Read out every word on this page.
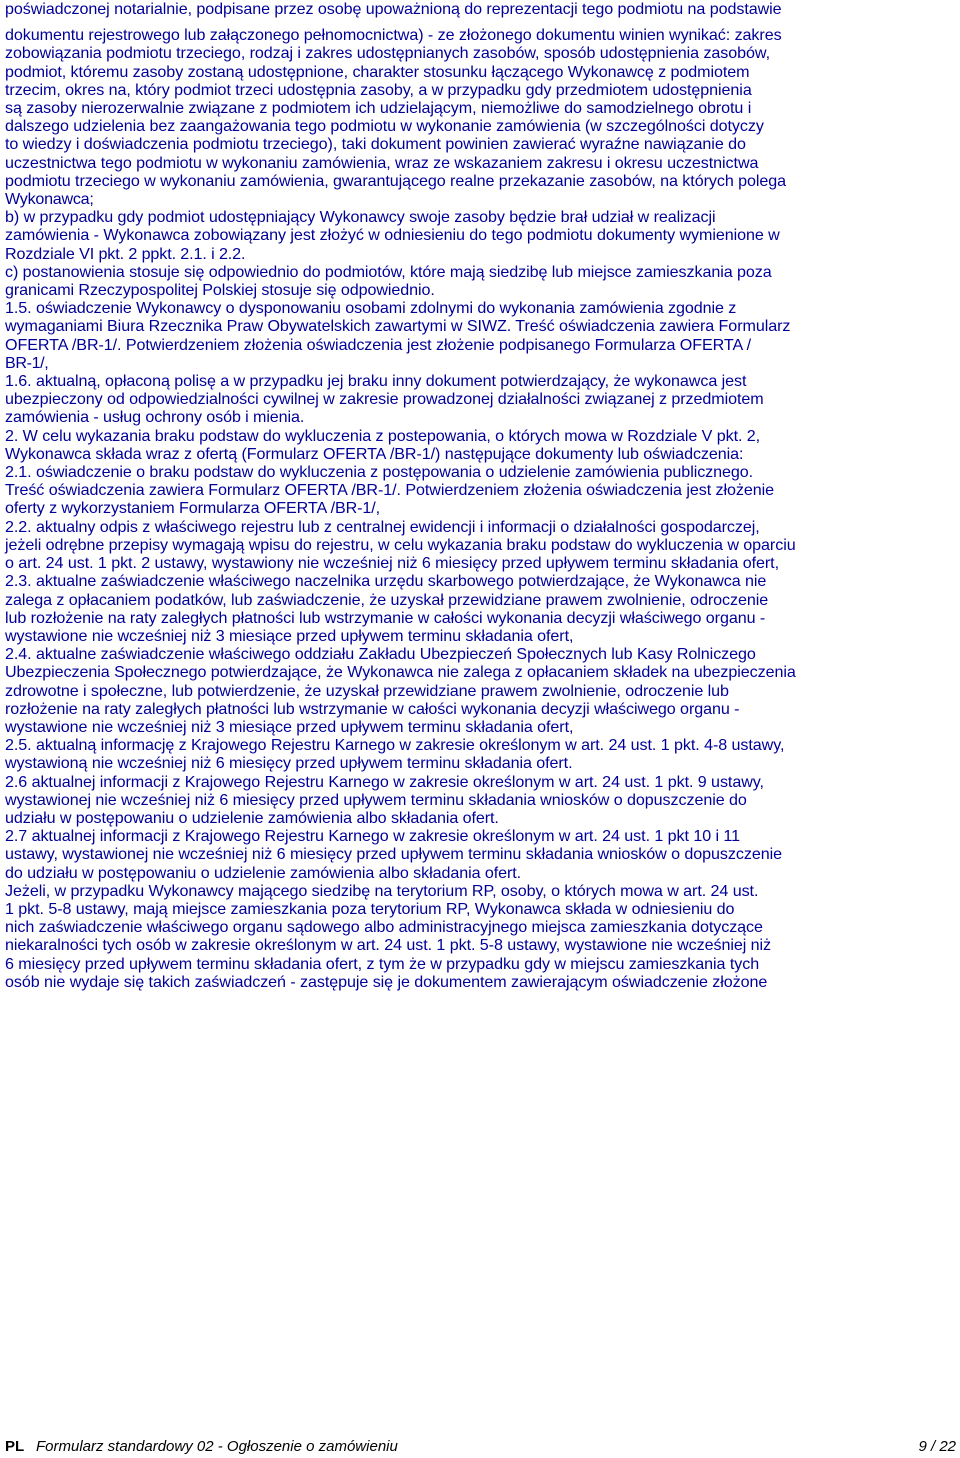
poświadczonej notarialnie, podpisane przez osobę upoważnioną do reprezentacji tego podmiotu na podstawie
dokumentu rejestrowego lub załączonego pełnomocnictwa) - ze złożonego dokumentu winien wynikać: zakres
zobowiązania podmiotu trzeciego, rodzaj i zakres udostępnianych zasobów, sposób udostępnienia zasobów,
podmiot, któremu zasoby zostaną udostępnione, charakter stosunku łączącego Wykonawcę z podmiotem
trzecim, okres na, który podmiot trzeci udostępnia zasoby, a w przypadku gdy przedmiotem udostępnienia
są zasoby nierozerwalnie związane z podmiotem ich udzielającym, niemożliwe do samodzielnego obrotu i
dalszego udzielenia bez zaangażowania tego podmiotu w wykonanie zamówienia (w szczególności dotyczy
to wiedzy i doświadczenia podmiotu trzeciego), taki dokument powinien zawierać wyraźne nawiązanie do
uczestnictwa tego podmiotu w wykonaniu zamówienia, wraz ze wskazaniem zakresu i okresu uczestnictwa
podmiotu trzeciego w wykonaniu zamówienia, gwarantującego realne przekazanie zasobów, na których polega
Wykonawca;
b) w przypadku gdy podmiot udostępniający Wykonawcy swoje zasoby będzie brał udział w realizacji
zamówienia - Wykonawca zobowiązany jest złożyć w odniesieniu do tego podmiotu dokumenty wymienione w
Rozdziale VI pkt. 2 ppkt. 2.1. i 2.2.
c) postanowienia stosuje się odpowiednio do podmiotów, które mają siedzibę lub miejsce zamieszkania poza
granicami Rzeczypospolitej Polskiej stosuje się odpowiednio.
1.5. oświadczenie Wykonawcy o dysponowaniu osobami zdolnymi do wykonania zamówienia zgodnie z
wymaganiami Biura Rzecznika Praw Obywatelskich zawartymi w SIWZ. Treść oświadczenia zawiera Formularz
OFERTA /BR-1/. Potwierdzeniem złożenia oświadczenia jest złożenie podpisanego Formularza OFERTA /
BR-1/,
1.6. aktualną, opłaconą polisę a w przypadku jej braku inny dokument potwierdzający, że wykonawca jest
ubezpieczony od odpowiedzialności cywilnej w zakresie prowadzonej działalności związanej z przedmiotem
zamówienia - usług ochrony osób i mienia.
2. W celu wykazania braku podstaw do wykluczenia z postepowania, o których mowa w Rozdziale V pkt. 2,
Wykonawca składa wraz z ofertą (Formularz OFERTA /BR-1/) następujące dokumenty lub oświadczenia:
2.1. oświadczenie o braku podstaw do wykluczenia z postępowania o udzielenie zamówienia publicznego.
Treść oświadczenia zawiera Formularz OFERTA /BR-1/. Potwierdzeniem złożenia oświadczenia jest złożenie
oferty z wykorzystaniem Formularza OFERTA /BR-1/,
2.2. aktualny odpis z właściwego rejestru lub z centralnej ewidencji i informacji o działalności gospodarczej,
jeżeli odrębne przepisy wymagają wpisu do rejestru, w celu wykazania braku podstaw do wykluczenia w oparciu
o art. 24 ust. 1 pkt. 2 ustawy, wystawiony nie wcześniej niż 6 miesięcy przed upływem terminu składania ofert,
2.3. aktualne zaświadczenie właściwego naczelnika urzędu skarbowego potwierdzające, że Wykonawca nie
zalega z opłacaniem podatków, lub zaświadczenie, że uzyskał przewidziane prawem zwolnienie, odroczenie
lub rozłożenie na raty zaległych płatności lub wstrzymanie w całości wykonania decyzji właściwego organu -
wystawione nie wcześniej niż 3 miesiące przed upływem terminu składania ofert,
2.4. aktualne zaświadczenie właściwego oddziału Zakładu Ubezpieczeń Społecznych lub Kasy Rolniczego
Ubezpieczenia Społecznego potwierdzające, że Wykonawca nie zalega z opłacaniem składek na ubezpieczenia
zdrowotne i społeczne, lub potwierdzenie, że uzyskał przewidziane prawem zwolnienie, odroczenie lub
rozłożenie na raty zaległych płatności lub wstrzymanie w całości wykonania decyzji właściwego organu -
wystawione nie wcześniej niż 3 miesiące przed upływem terminu składania ofert,
2.5. aktualną informację z Krajowego Rejestru Karnego w zakresie określonym w art. 24 ust. 1 pkt. 4-8 ustawy,
wystawioną nie wcześniej niż 6 miesięcy przed upływem terminu składania ofert.
2.6 aktualnej informacji z Krajowego Rejestru Karnego w zakresie określonym w art. 24 ust. 1 pkt. 9 ustawy,
wystawionej nie wcześniej niż 6 miesięcy przed upływem terminu składania wniosków o dopuszczenie do
udziału w postępowaniu o udzielenie zamówienia albo składania ofert.
2.7 aktualnej informacji z Krajowego Rejestru Karnego w zakresie określonym w art. 24 ust. 1 pkt 10 i 11
ustawy, wystawionej nie wcześniej niż 6 miesięcy przed upływem terminu składania wniosków o dopuszczenie
do udziału w postępowaniu o udzielenie zamówienia albo składania ofert.
Jeżeli, w przypadku Wykonawcy mającego siedzibę na terytorium RP, osoby, o których mowa w art. 24 ust.
1 pkt. 5-8 ustawy, mają miejsce zamieszkania poza terytorium RP, Wykonawca składa w odniesieniu do
nich zaświadczenie właściwego organu sądowego albo administracyjnego miejsca zamieszkania dotyczące
niekaralności tych osób w zakresie określonym w art. 24 ust. 1 pkt. 5-8 ustawy, wystawione nie wcześniej niż
6 miesięcy przed upływem terminu składania ofert, z tym że w przypadku gdy w miejscu zamieszkania tych
osób nie wydaje się takich zaświadczeń - zastępuje się je dokumentem zawierającym oświadczenie złożone
PL Formularz standardowy 02 - Ogłoszenie o zamówieniu	9 / 22
